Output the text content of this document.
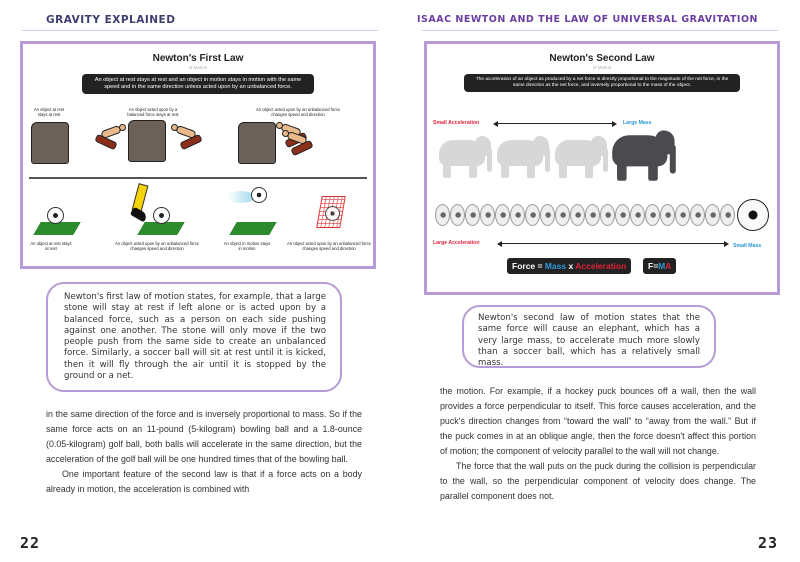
GRAVITY EXPLAINED
Newton's First Law
of Motion
An object at rest stays at rest and an object in motion stays in motion with the same speed and in the same direction unless acted upon by an unbalanced force.
An object at rest stays at rest
An object acted upon by a balanced force stays at rest
An object acted upon by an unbalanced force changes speed and direction
An object at rest stays at rest
An object acted upon by an unbalanced force changes speed and direction
An object in motion stays in motion
An object acted upon by an unbalanced force changes speed and direction
Newton's first law of motion states, for example, that a large stone will stay at rest if left alone or is acted upon by a balanced force, such as a person on each side pushing against one another. The stone will only move if the two people push from the same side to create an unbalanced force. Similarly, a soccer ball will sit at rest until it is kicked, then it will fly through the air until it is stopped by the ground or a net.

in the same direction of the force and is inversely proportional to mass. So if the same force acts on an 11-pound (5-kilogram) bowling ball and a 1.8-ounce (0.05-kilogram) golf ball, both balls will accelerate in the same direction, but the acceleration of the golf ball will be one hundred times that of the bowling ball.

One important feature of the second law is that if a force acts on a body already in motion, the acceleration is combined with

22
ISAAC NEWTON AND THE LAW OF UNIVERSAL GRAVITATION
Newton's Second Law
of Motion
The acceleration of an object as produced by a net force is directly proportional to the magnitude of the net force, in the same direction as the net force, and inversely proportional to the mass of the object.
Small Acceleration	Large Mass
Large Acceleration	Small Mass
Force = Mass x Acceleration	F=MA
Newton's second law of motion states that the same force will cause an elephant, which has a very large mass, to accelerate much more slowly than a soccer ball, which has a relatively small mass.

the motion. For example, if a hockey puck bounces off a wall, then the wall provides a force perpendicular to itself. This force causes acceleration, and the puck's direction changes from “toward the wall” to “away from the wall.” But if the puck comes in at an oblique angle, then the force doesn't affect this portion of motion; the component of velocity parallel to the wall will not change.

The force that the wall puts on the puck during the collision is perpendicular to the wall, so the perpendicular component of velocity does change. The parallel component does not.

23
